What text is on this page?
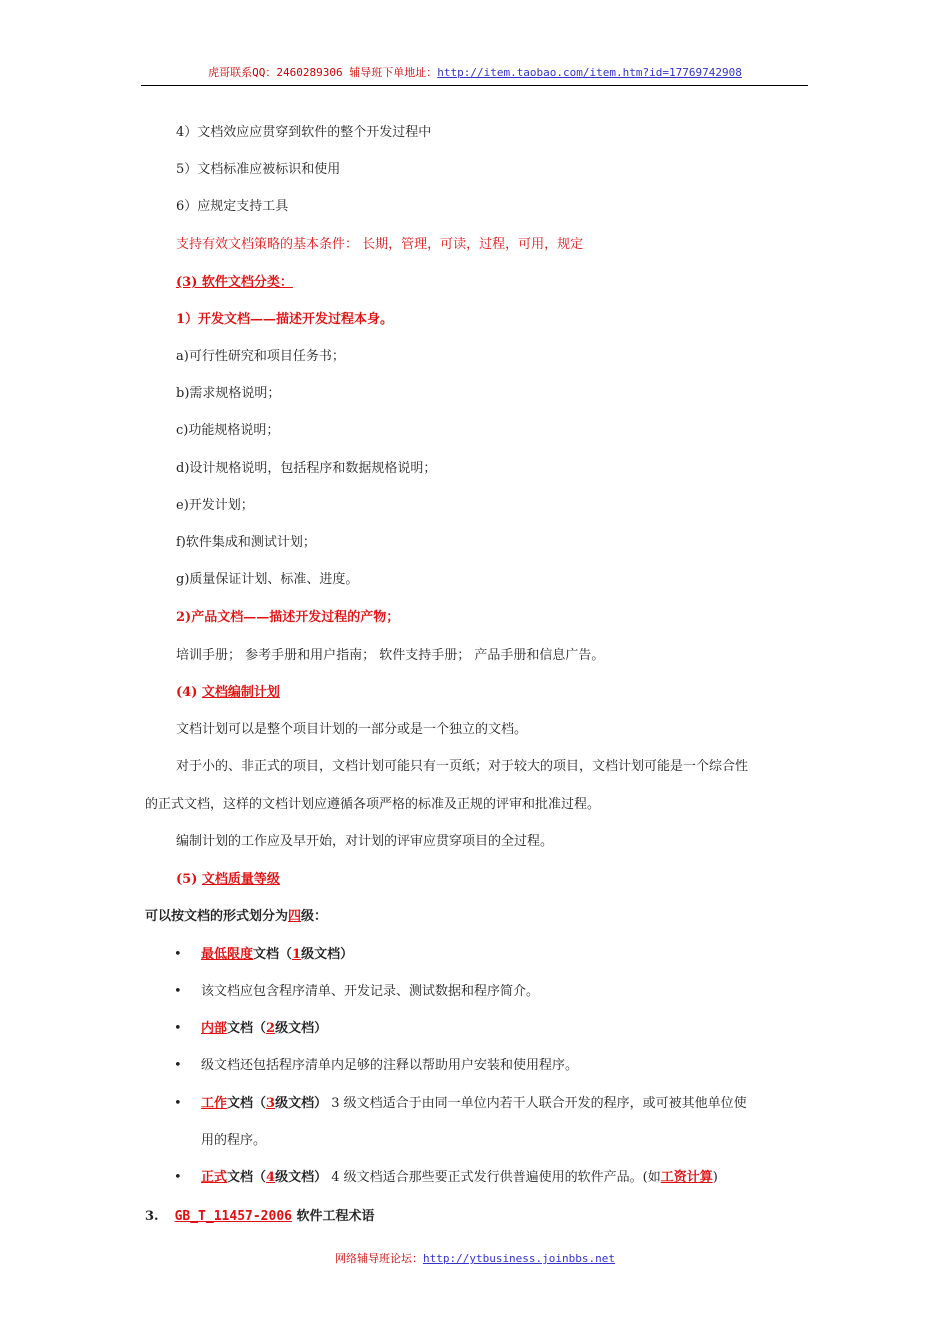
虎哥联系QQ：2460289306 辅导班下单地址：http://item.taobao.com/item.htm?id=17769742908
4）文档效应应贯穿到软件的整个开发过程中
5）文档标准应被标识和使用
6）应规定支持工具
支持有效文档策略的基本条件： 长期，管理，可读，过程，可用，规定
(3) 软件文档分类：
1）开发文档——描述开发过程本身。
a)可行性研究和项目任务书；
b)需求规格说明；
c)功能规格说明；
d)设计规格说明，包括程序和数据规格说明；
e)开发计划；
f)软件集成和测试计划；
g)质量保证计划、标准、进度。
2)产品文档——描述开发过程的产物；
培训手册； 参考手册和用户指南； 软件支持手册； 产品手册和信息广告。
(4) 文档编制计划
文档计划可以是整个项目计划的一部分或是一个独立的文档。
对于小的、非正式的项目，文档计划可能只有一页纸；对于较大的项目，文档计划可能是一个综合性
的正式文档，这样的文档计划应遵循各项严格的标准及正规的评审和批准过程。
编制计划的工作应及早开始，对计划的评审应贯穿项目的全过程。
(5) 文档质量等级
可以按文档的形式划分为四级：
• 最低限度文档（1级文档）
• 该文档应包含程序清单、开发记录、测试数据和程序简介。
• 内部文档（2级文档）
• 级文档还包括程序清单内足够的注释以帮助用户安装和使用程序。
• 工作文档（3级文档） 3 级文档适合于由同一单位内若干人联合开发的程序，或可被其他单位使
用的程序。
• 正式文档（4级文档） 4 级文档适合那些要正式发行供普遍使用的软件产品。(如工资计算)
3. GB_T_11457-2006 软件工程术语
网络辅导班论坛：http://ytbusiness.joinbbs.net
